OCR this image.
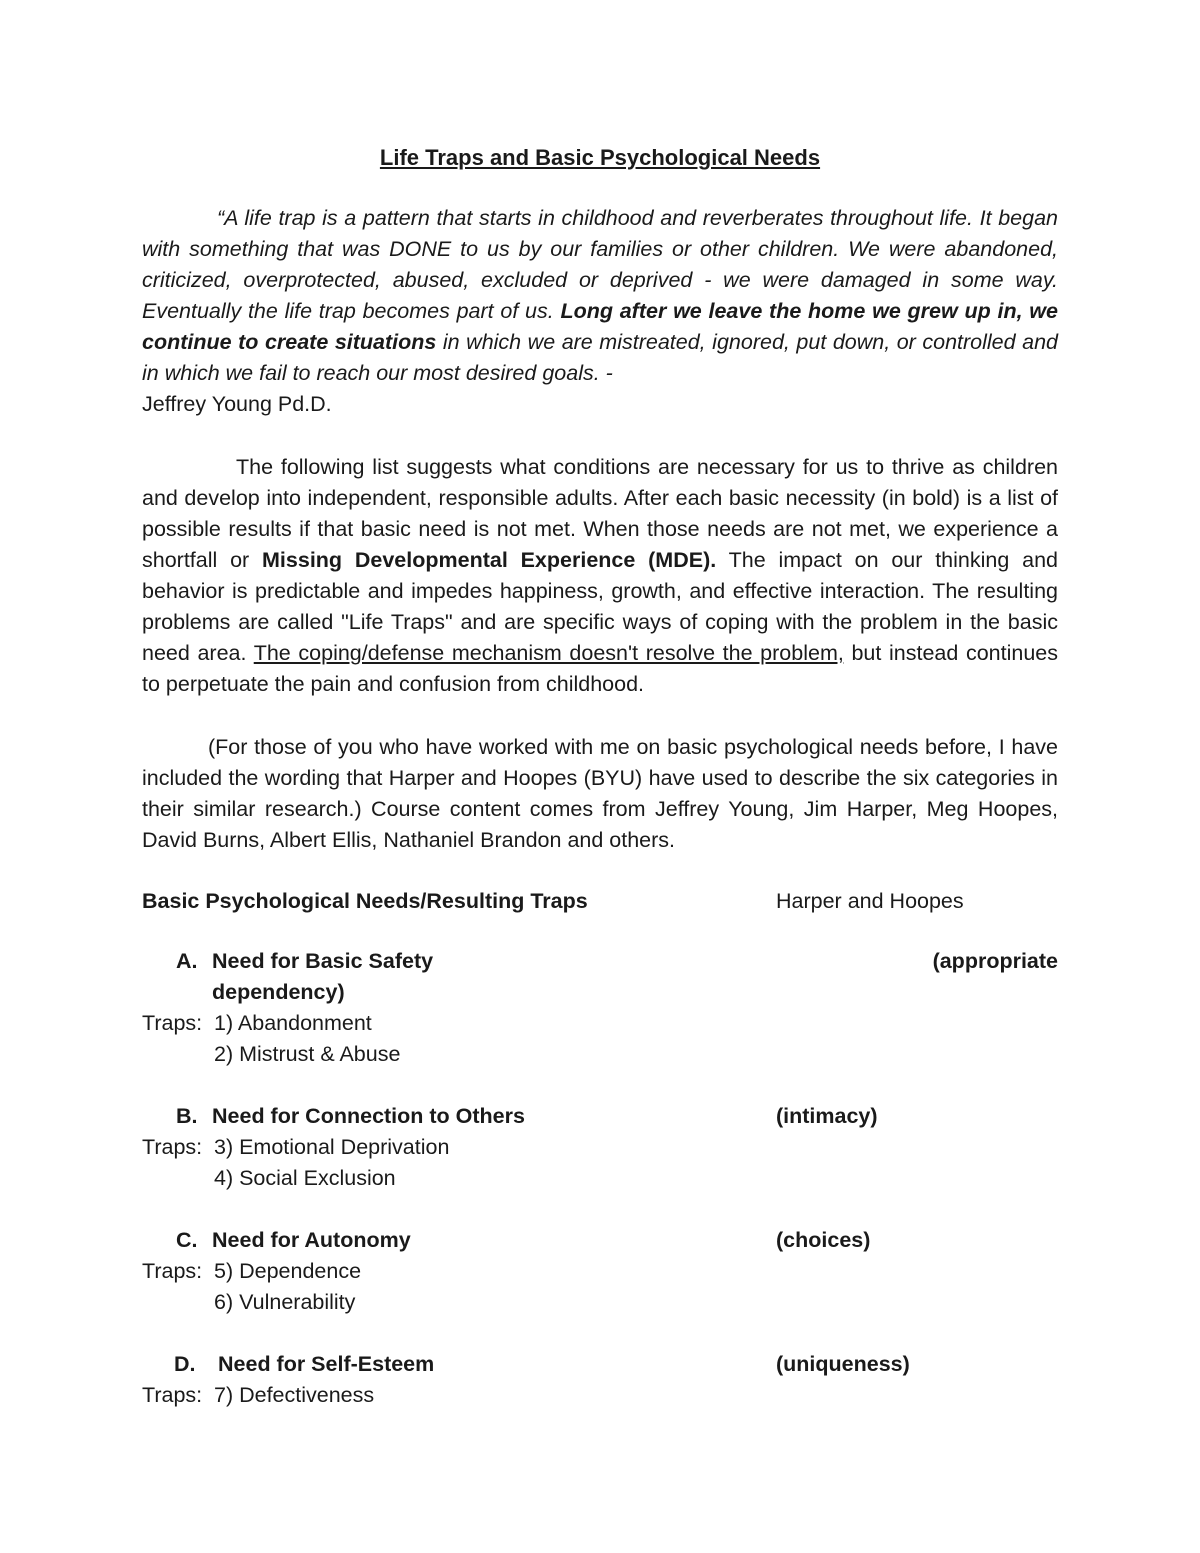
Life Traps and Basic Psychological Needs
“A life trap is a pattern that starts in childhood and reverberates throughout life. It began with something that was DONE to us by our families or other children. We were abandoned, criticized, overprotected, abused, excluded or deprived - we were damaged in some way. Eventually the life trap becomes part of us. Long after we leave the home we grew up in, we continue to create situations in which we are mistreated, ignored, put down, or controlled and in which we fail to reach our most desired goals. -
Jeffrey Young Pd.D.
The following list suggests what conditions are necessary for us to thrive as children and develop into independent, responsible adults. After each basic necessity (in bold) is a list of possible results if that basic need is not met. When those needs are not met, we experience a shortfall or Missing Developmental Experience (MDE). The impact on our thinking and behavior is predictable and impedes happiness, growth, and effective interaction. The resulting problems are called "Life Traps" and are specific ways of coping with the problem in the basic need area. The coping/defense mechanism doesn't resolve the problem, but instead continues to perpetuate the pain and confusion from childhood.
(For those of you who have worked with me on basic psychological needs before, I have included the wording that Harper and Hoopes (BYU) have used to describe the six categories in their similar research.) Course content comes from Jeffrey Young, Jim Harper, Meg Hoopes, David Burns, Albert Ellis, Nathaniel Brandon and others.
Basic Psychological Needs/Resulting Traps	Harper and Hoopes
A. Need for Basic Safety	(appropriate
dependency)
Traps: 1) Abandonment
2) Mistrust & Abuse
B. Need for Connection to Others	(intimacy)
Traps: 3) Emotional Deprivation
4) Social Exclusion
C. Need for Autonomy	(choices)
Traps: 5) Dependence
6) Vulnerability
D. Need for Self-Esteem	(uniqueness)
Traps: 7) Defectiveness
